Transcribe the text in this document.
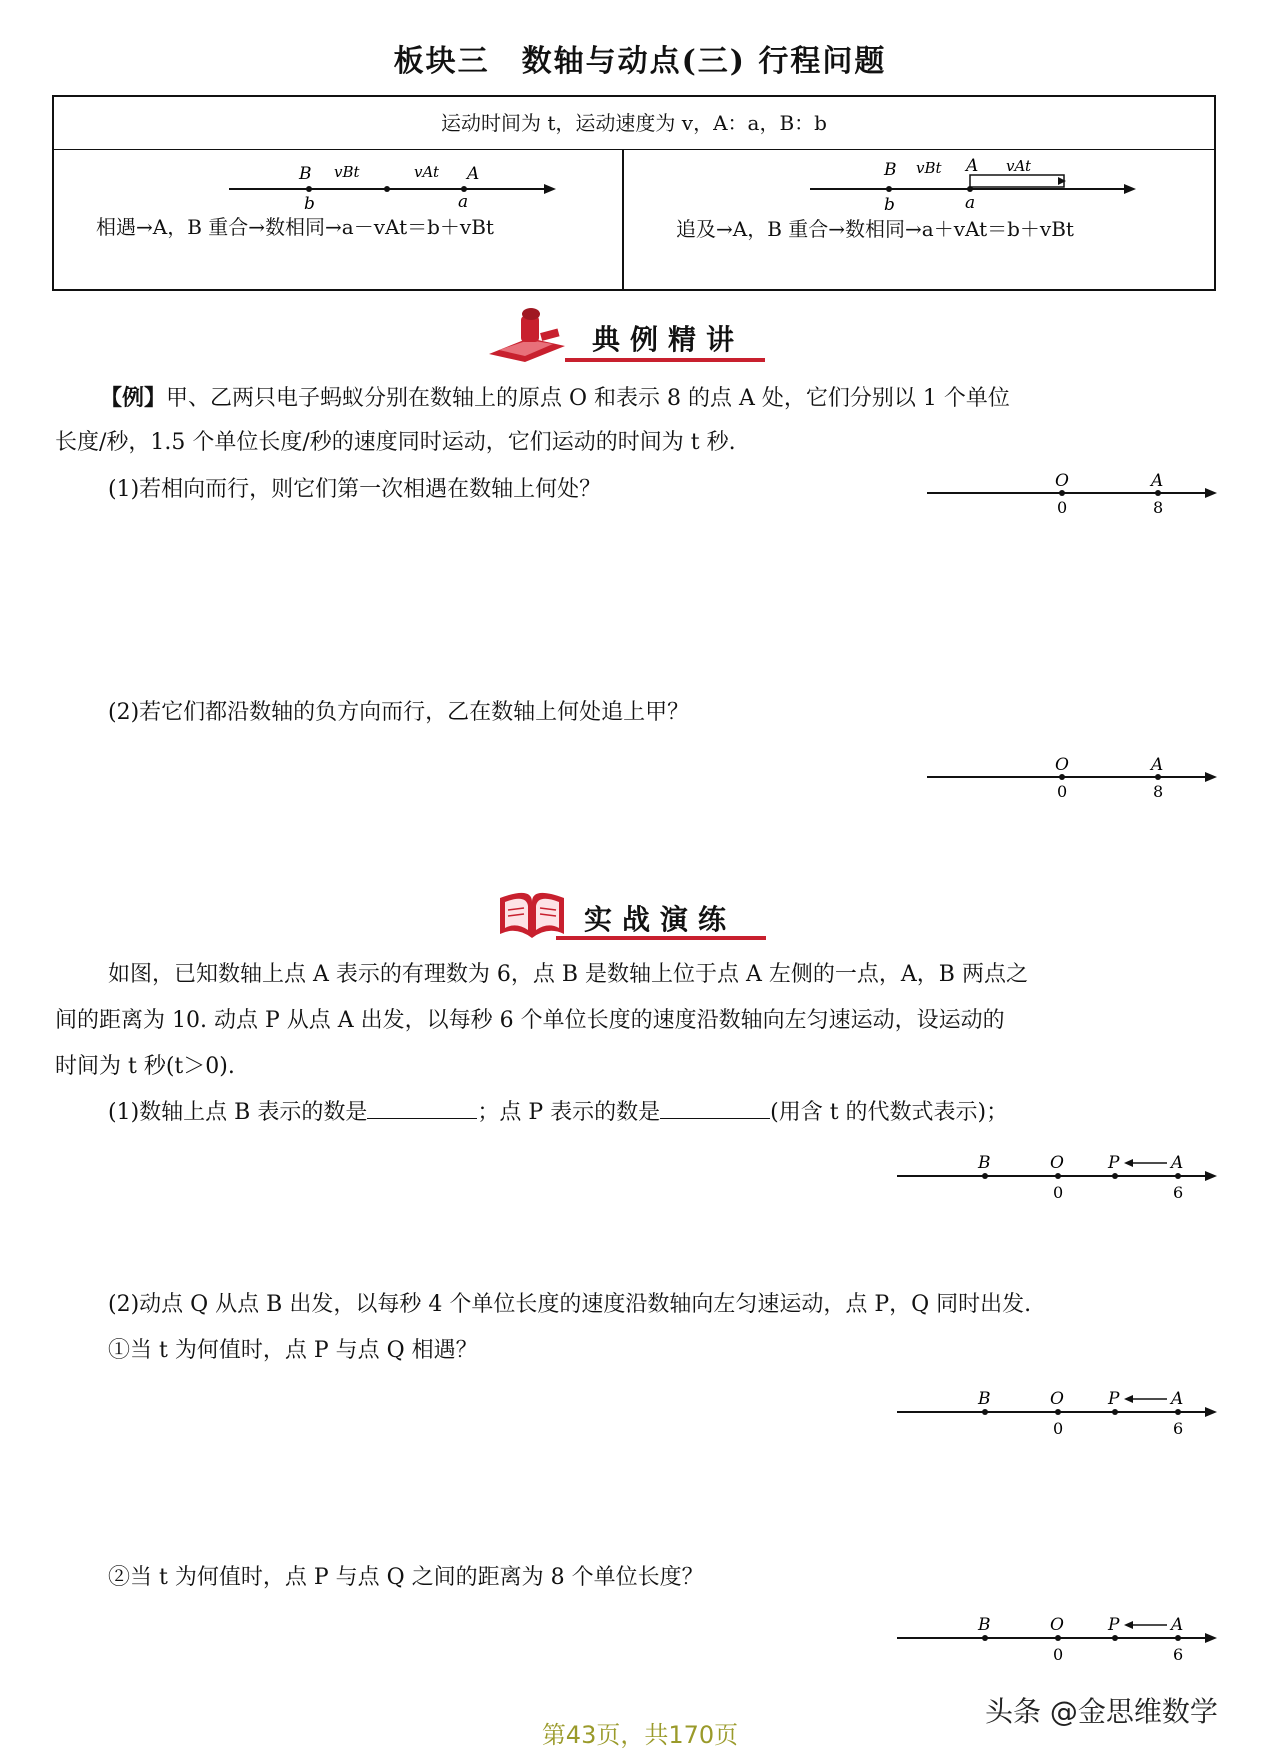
板块三　数轴与动点(三) 行程问题
运动时间为 t，运动速度为 v，A：a，B：b
B vBt	vAt A
b	a
相遇→A，B 重合→数相同→a－vAt＝b＋vBt
B vBt A vAt
b	a
追及→A，B 重合→数相同→a＋vAt＝b＋vBt
典例精讲
【例】甲、乙两只电子蚂蚁分别在数轴上的原点 O 和表示 8 的点 A 处，它们分别以 1 个单位
长度/秒，1.5 个单位长度/秒的速度同时运动，它们运动的时间为 t 秒.
(1)若相向而行，则它们第一次相遇在数轴上何处？	O	A
0	8
(2)若它们都沿数轴的负方向而行，乙在数轴上何处追上甲？
O	A
0	8
实战演练
如图，已知数轴上点 A 表示的有理数为 6，点 B 是数轴上位于点 A 左侧的一点，A，B 两点之
间的距离为 10. 动点 P 从点 A 出发，以每秒 6 个单位长度的速度沿数轴向左匀速运动，设运动的
时间为 t 秒(t＞0).
(1)数轴上点 B 表示的数是	；点 P 表示的数是	(用含 t 的代数式表示)；
B	O	P	A
0	6
(2)动点 Q 从点 B 出发，以每秒 4 个单位长度的速度沿数轴向左匀速运动，点 P，Q 同时出发.
①当 t 为何值时，点 P 与点 Q 相遇？
B	O	P	A
0	6
②当 t 为何值时，点 P 与点 Q 之间的距离为 8 个单位长度？
B	O	P	A
0	6
头条 @金思维数学
第43页，共170页
